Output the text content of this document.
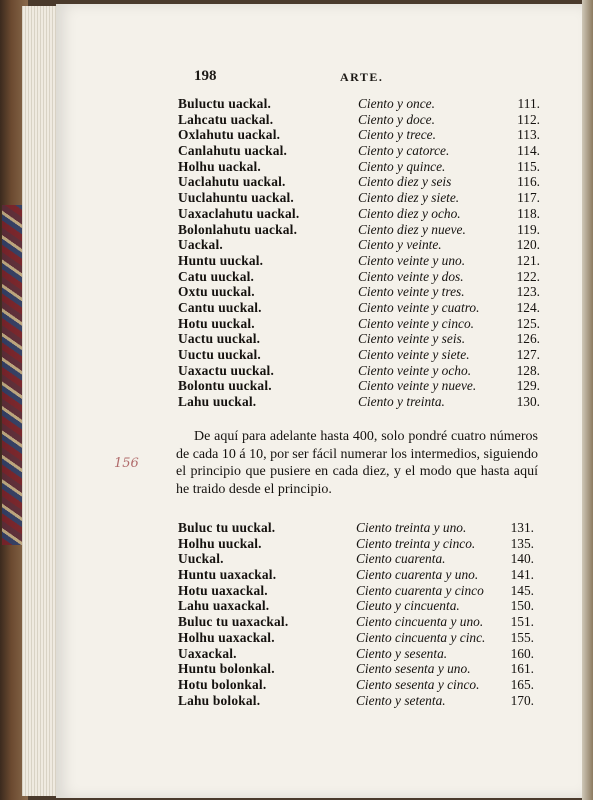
198	ARTE.
Buluctu uackal.	Ciento y once.	111.
Lahcatu uackal.	Ciento y doce.	112.
Oxlahutu uackal.	Ciento y trece.	113.
Canlahutu uackal.	Ciento y catorce.	114.
Holhu uackal.	Ciento y quince.	115.
Uaclahutu uackal.	Ciento diez y seis	116.
Uuclahuntu uackal.	Ciento diez y siete.	117.
Uaxaclahutu uackal.	Ciento diez y ocho.	118.
Bolonlahutu uackal.	Ciento diez y nueve.	119.
Uackal.	Ciento y veinte.	120.
Huntu uuckal.	Ciento veinte y uno.	121.
Catu uuckal.	Ciento veinte y dos.	122.
Oxtu uuckal.	Ciento veinte y tres.	123.
Cantu uuckal.	Ciento veinte y cuatro.	124.
Hotu uuckal.	Ciento veinte y cinco.	125.
Uactu uuckal.	Ciento veinte y seis.	126.
Uuctu uuckal.	Ciento veinte y siete.	127.
Uaxactu uuckal.	Ciento veinte y ocho.	128.
Bolontu uuckal.	Ciento veinte y nueve.	129.
Lahu uuckal.	Ciento y treinta.	130.
De aquí para adelante hasta 400, solo pondré cuatro números de cada 10 á 10, por ser fácil numerar los intermedios, siguiendo el principio que pusiere en cada diez, y el modo que hasta aquí he traido desde el principio.
156
Buluc tu uuckal.	Ciento treinta y uno.	131.
Holhu uuckal.	Ciento treinta y cinco.	135.
Uuckal.	Ciento cuarenta.	140.
Huntu uaxackal.	Ciento cuarenta y uno. 141.
Hotu uaxackal.	Ciento cuarenta y cinco 145.
Lahu uaxackal.	Cieuto y cincuenta.	150.
Buluc tu uaxackal.	Ciento cincuenta y uno. 151.
Holhu uaxackal.	Ciento cincuenta y cinc. 155.
Uaxackal.	Ciento y sesenta.	160.
Huntu bolonkal.	Ciento sesenta y uno.	161.
Hotu bolonkal.	Ciento sesenta y cinco. 165.
Lahu bolokal.	Ciento y setenta.	170.
